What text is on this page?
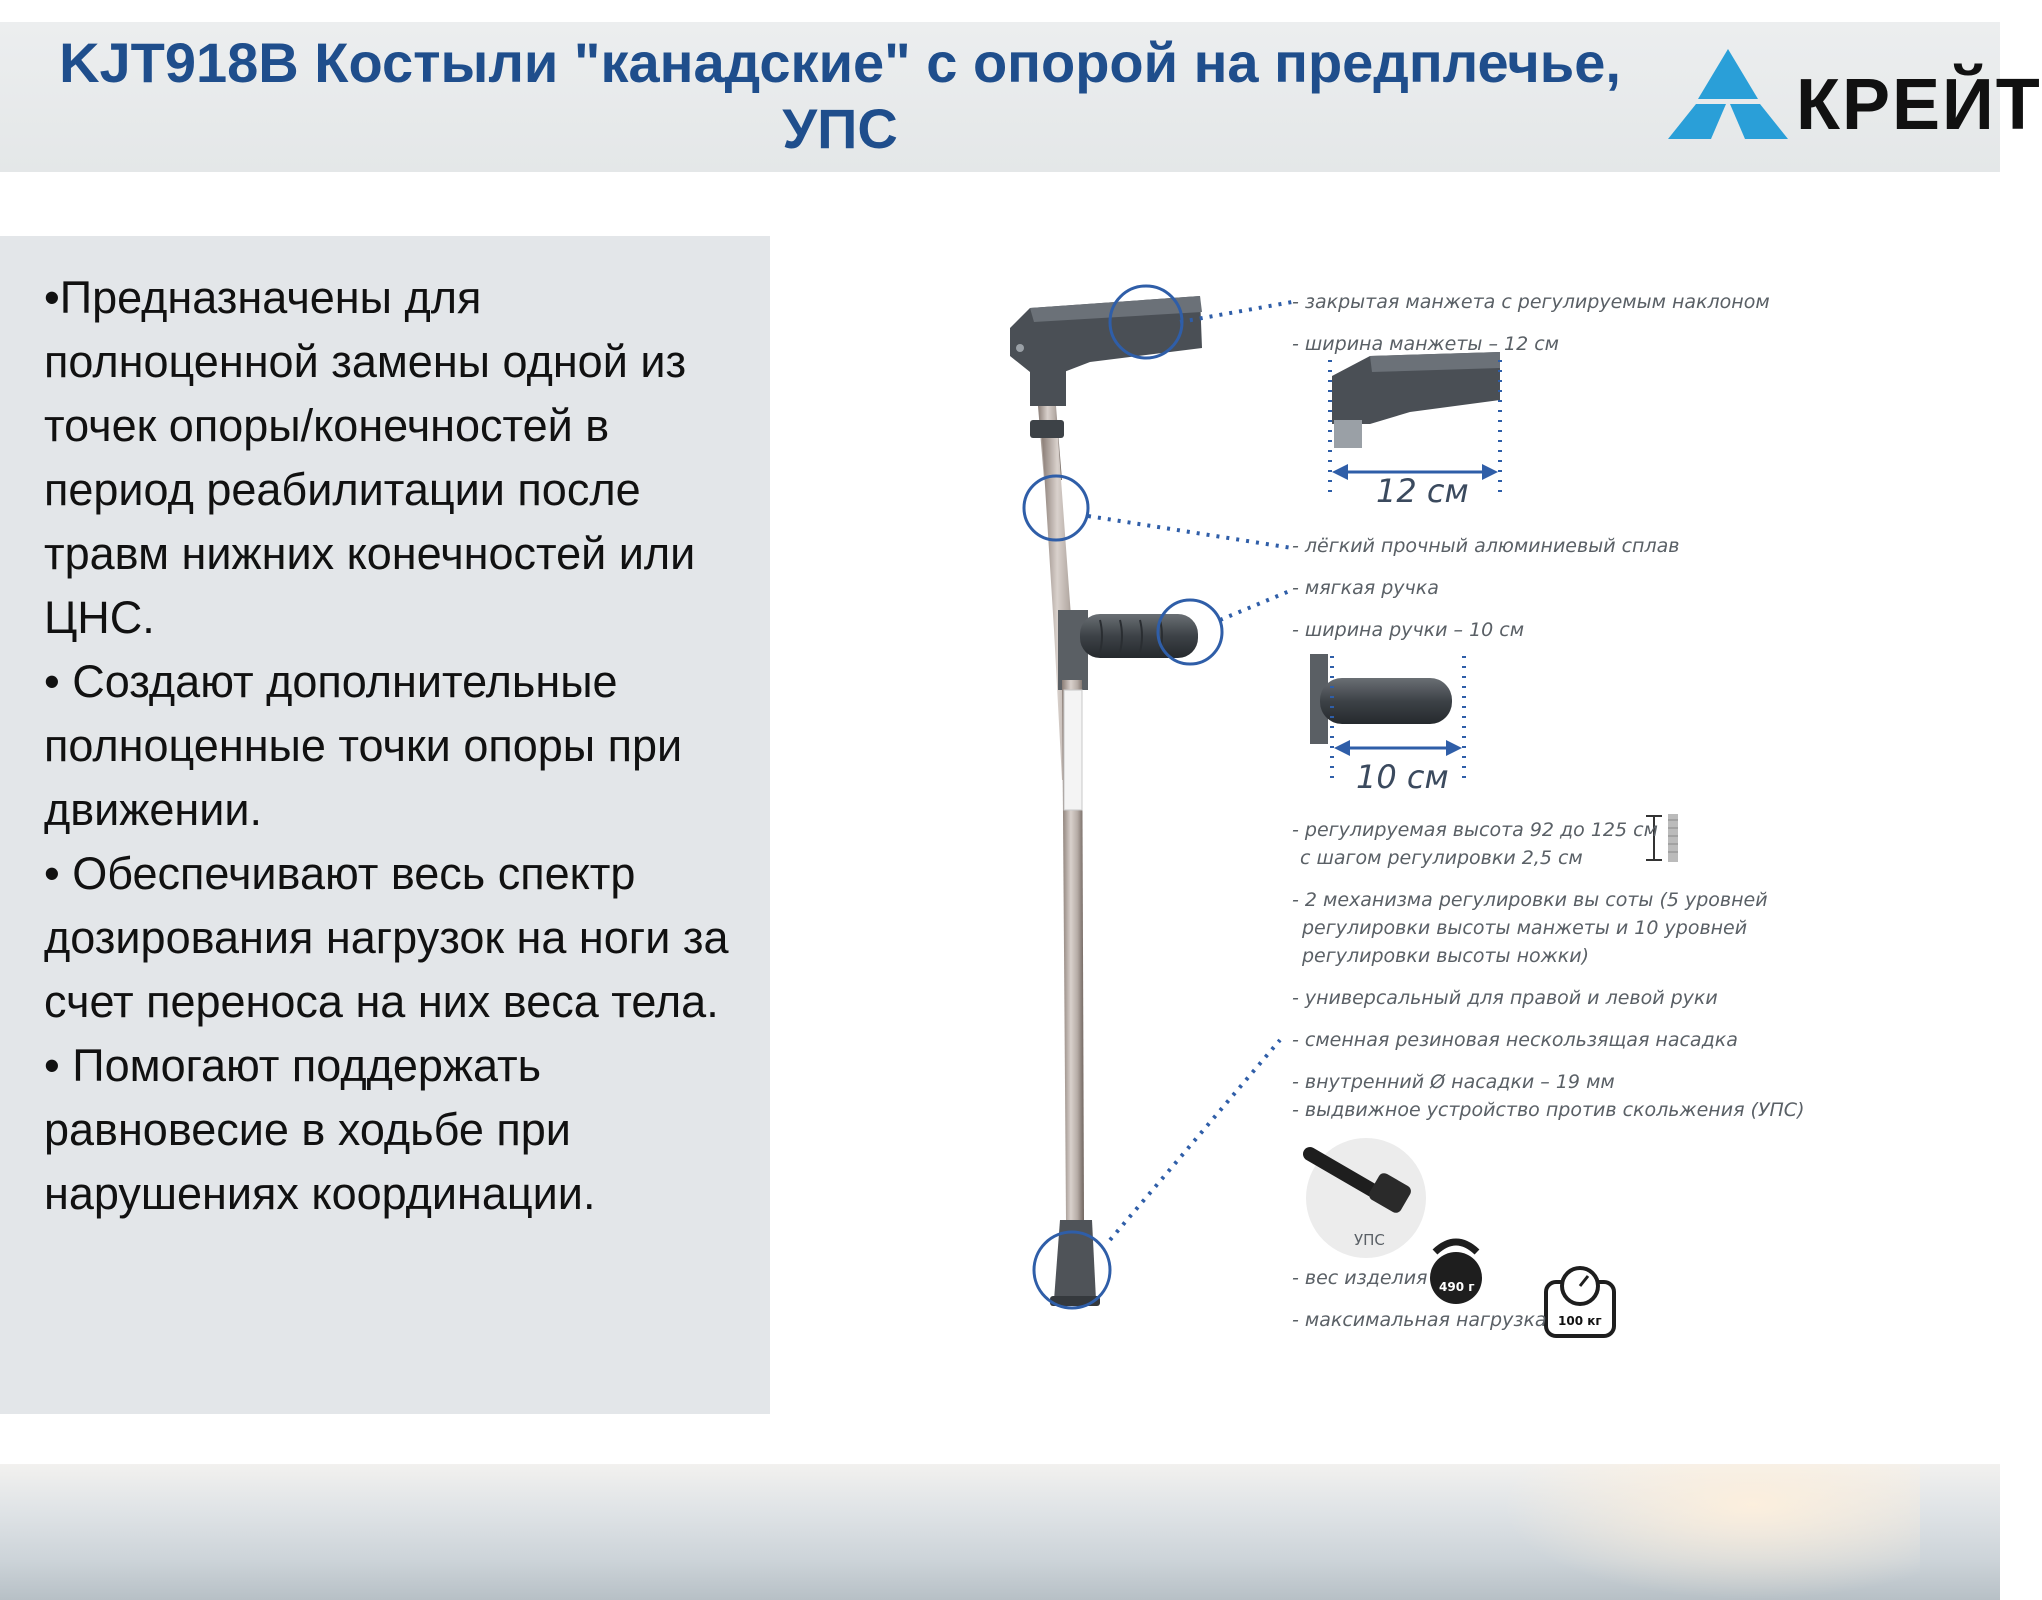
KJT918B Костыли "канадские" с опорой на предплечье,
УПС	КРЕЙТ

•Предназначены для полноценной замены одной из точек опоры/конечностей в период реабилитации после травм нижних конечностей или ЦНС.

• Создают дополнительные полноценные точки опоры при движении.

• Обеспечивают весь спектр дозирования нагрузок на ноги за счет переноса на них веса тела.

• Помогают поддержать равновесие в ходьбе при нарушениях координации.

- закрытая манжета с регулируемым наклоном
- ширина манжеты – 12 см
12 см
- лёгкий прочный алюминиевый сплав
- мягкая ручка
- ширина ручки – 10 см
10 см
- регулируемая высота 92 до 125 см
с шагом регулировки 2,5 см
- 2 механизма регулировки вы соты (5 уровней
регулировки высоты манжеты и 10 уровней
регулировки высоты ножки)
- универсальный для правой и левой руки
- сменная резиновая нескользящая насадка
- внутренний Ø насадки – 19 мм
- выдвижное устройство против скольжения (УПС)
УПС
- вес изделия 490 г
- максимальная нагрузка 100 кг
